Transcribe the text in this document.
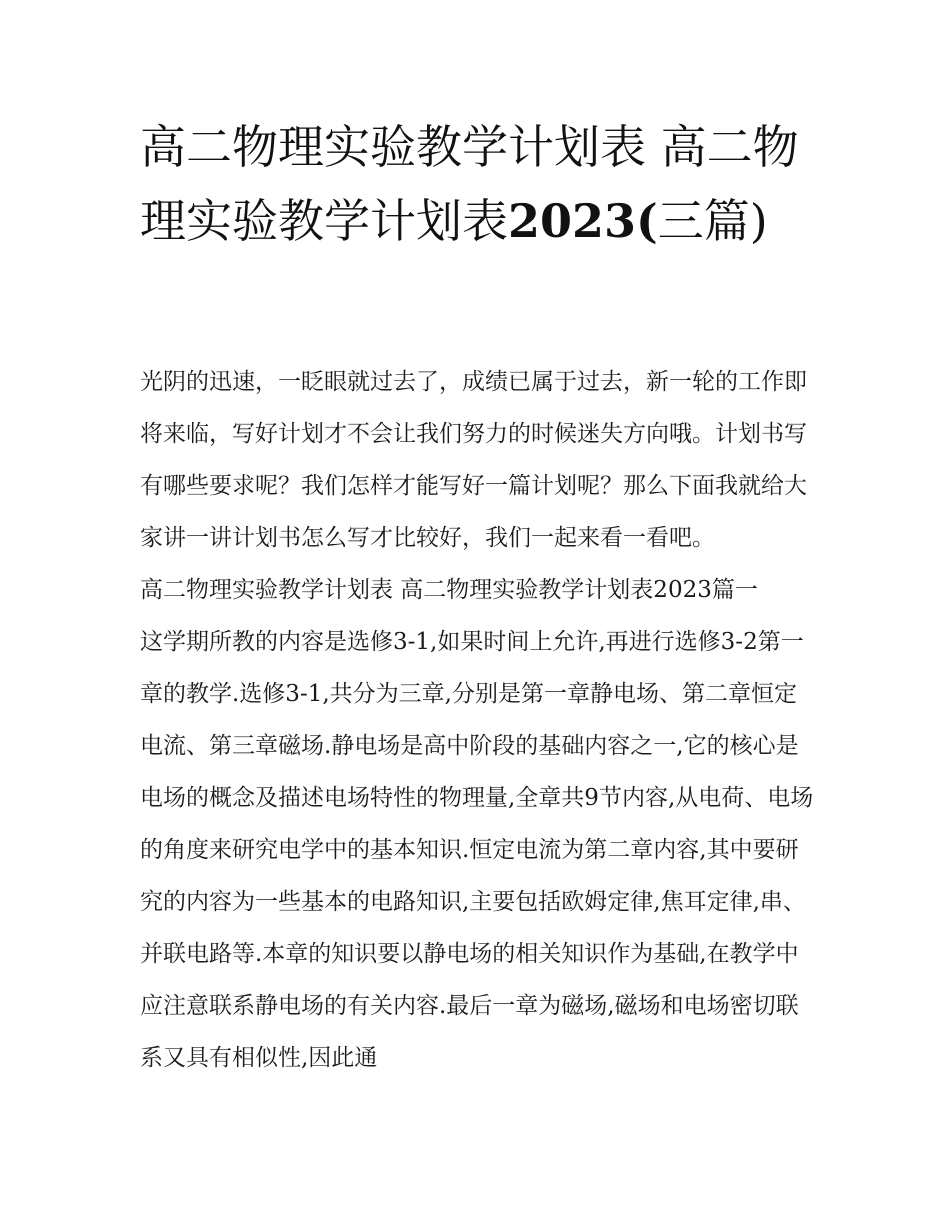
高二物理实验教学计划表 高二物理实验教学计划表2023(三篇)

光阴的迅速，一眨眼就过去了，成绩已属于过去，新一轮的工作即将来临，写好计划才不会让我们努力的时候迷失方向哦。计划书写有哪些要求呢？我们怎样才能写好一篇计划呢？那么下面我就给大家讲一讲计划书怎么写才比较好，我们一起来看一看吧。

高二物理实验教学计划表 高二物理实验教学计划表2023篇一

这学期所教的内容是选修3-1,如果时间上允许,再进行选修3-2第一章的教学.选修3-1,共分为三章,分别是第一章静电场、第二章恒定电流、第三章磁场.静电场是高中阶段的基础内容之一,它的核心是电场的概念及描述电场特性的物理量,全章共9节内容,从电荷、电场的角度来研究电学中的基本知识.恒定电流为第二章内容,其中要研究的内容为一些基本的电路知识,主要包括欧姆定律,焦耳定律,串、并联电路等.本章的知识要以静电场的相关知识作为基础,在教学中应注意联系静电场的有关内容.最后一章为磁场,磁场和电场密切联系又具有相似性,因此通
